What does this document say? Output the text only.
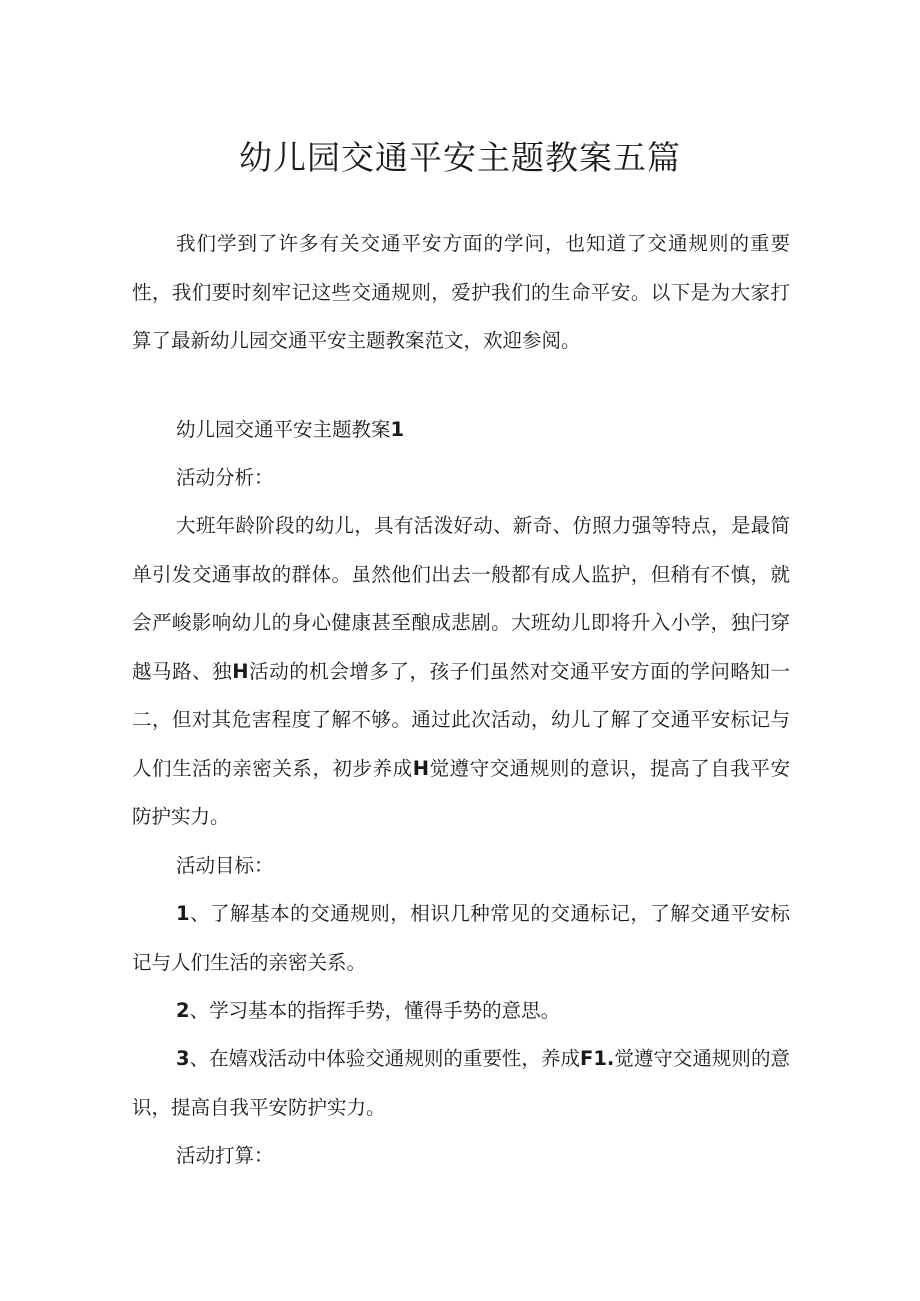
幼儿园交通平安主题教案五篇

我们学到了许多有关交通平安方面的学问，也知道了交通规则的重要性，我们要时刻牢记这些交通规则，爱护我们的生命平安。以下是为大家打算了最新幼儿园交通平安主题教案范文，欢迎参阅。

幼儿园交通平安主题教案1

活动分析：

大班年龄阶段的幼儿，具有活泼好动、新奇、仿照力强等特点，是最简单引发交通事故的群体。虽然他们出去一般都有成人监护，但稍有不慎，就会严峻影响幼儿的身心健康甚至酿成悲剧。大班幼儿即将升入小学，独闩穿越马路、独H活动的机会增多了，孩子们虽然对交通平安方面的学问略知一二，但对其危害程度了解不够。通过此次活动，幼儿了解了交通平安标记与人们生活的亲密关系，初步养成H觉遵守交通规则的意识，提高了自我平安防护实力。

活动目标：

1、了解基本的交通规则，相识几种常见的交通标记，了解交通平安标记与人们生活的亲密关系。

2、学习基本的指挥手势，懂得手势的意思。

3、在嬉戏活动中体验交通规则的重要性，养成F1.觉遵守交通规则的意识，提高自我平安防护实力。

活动打算：
